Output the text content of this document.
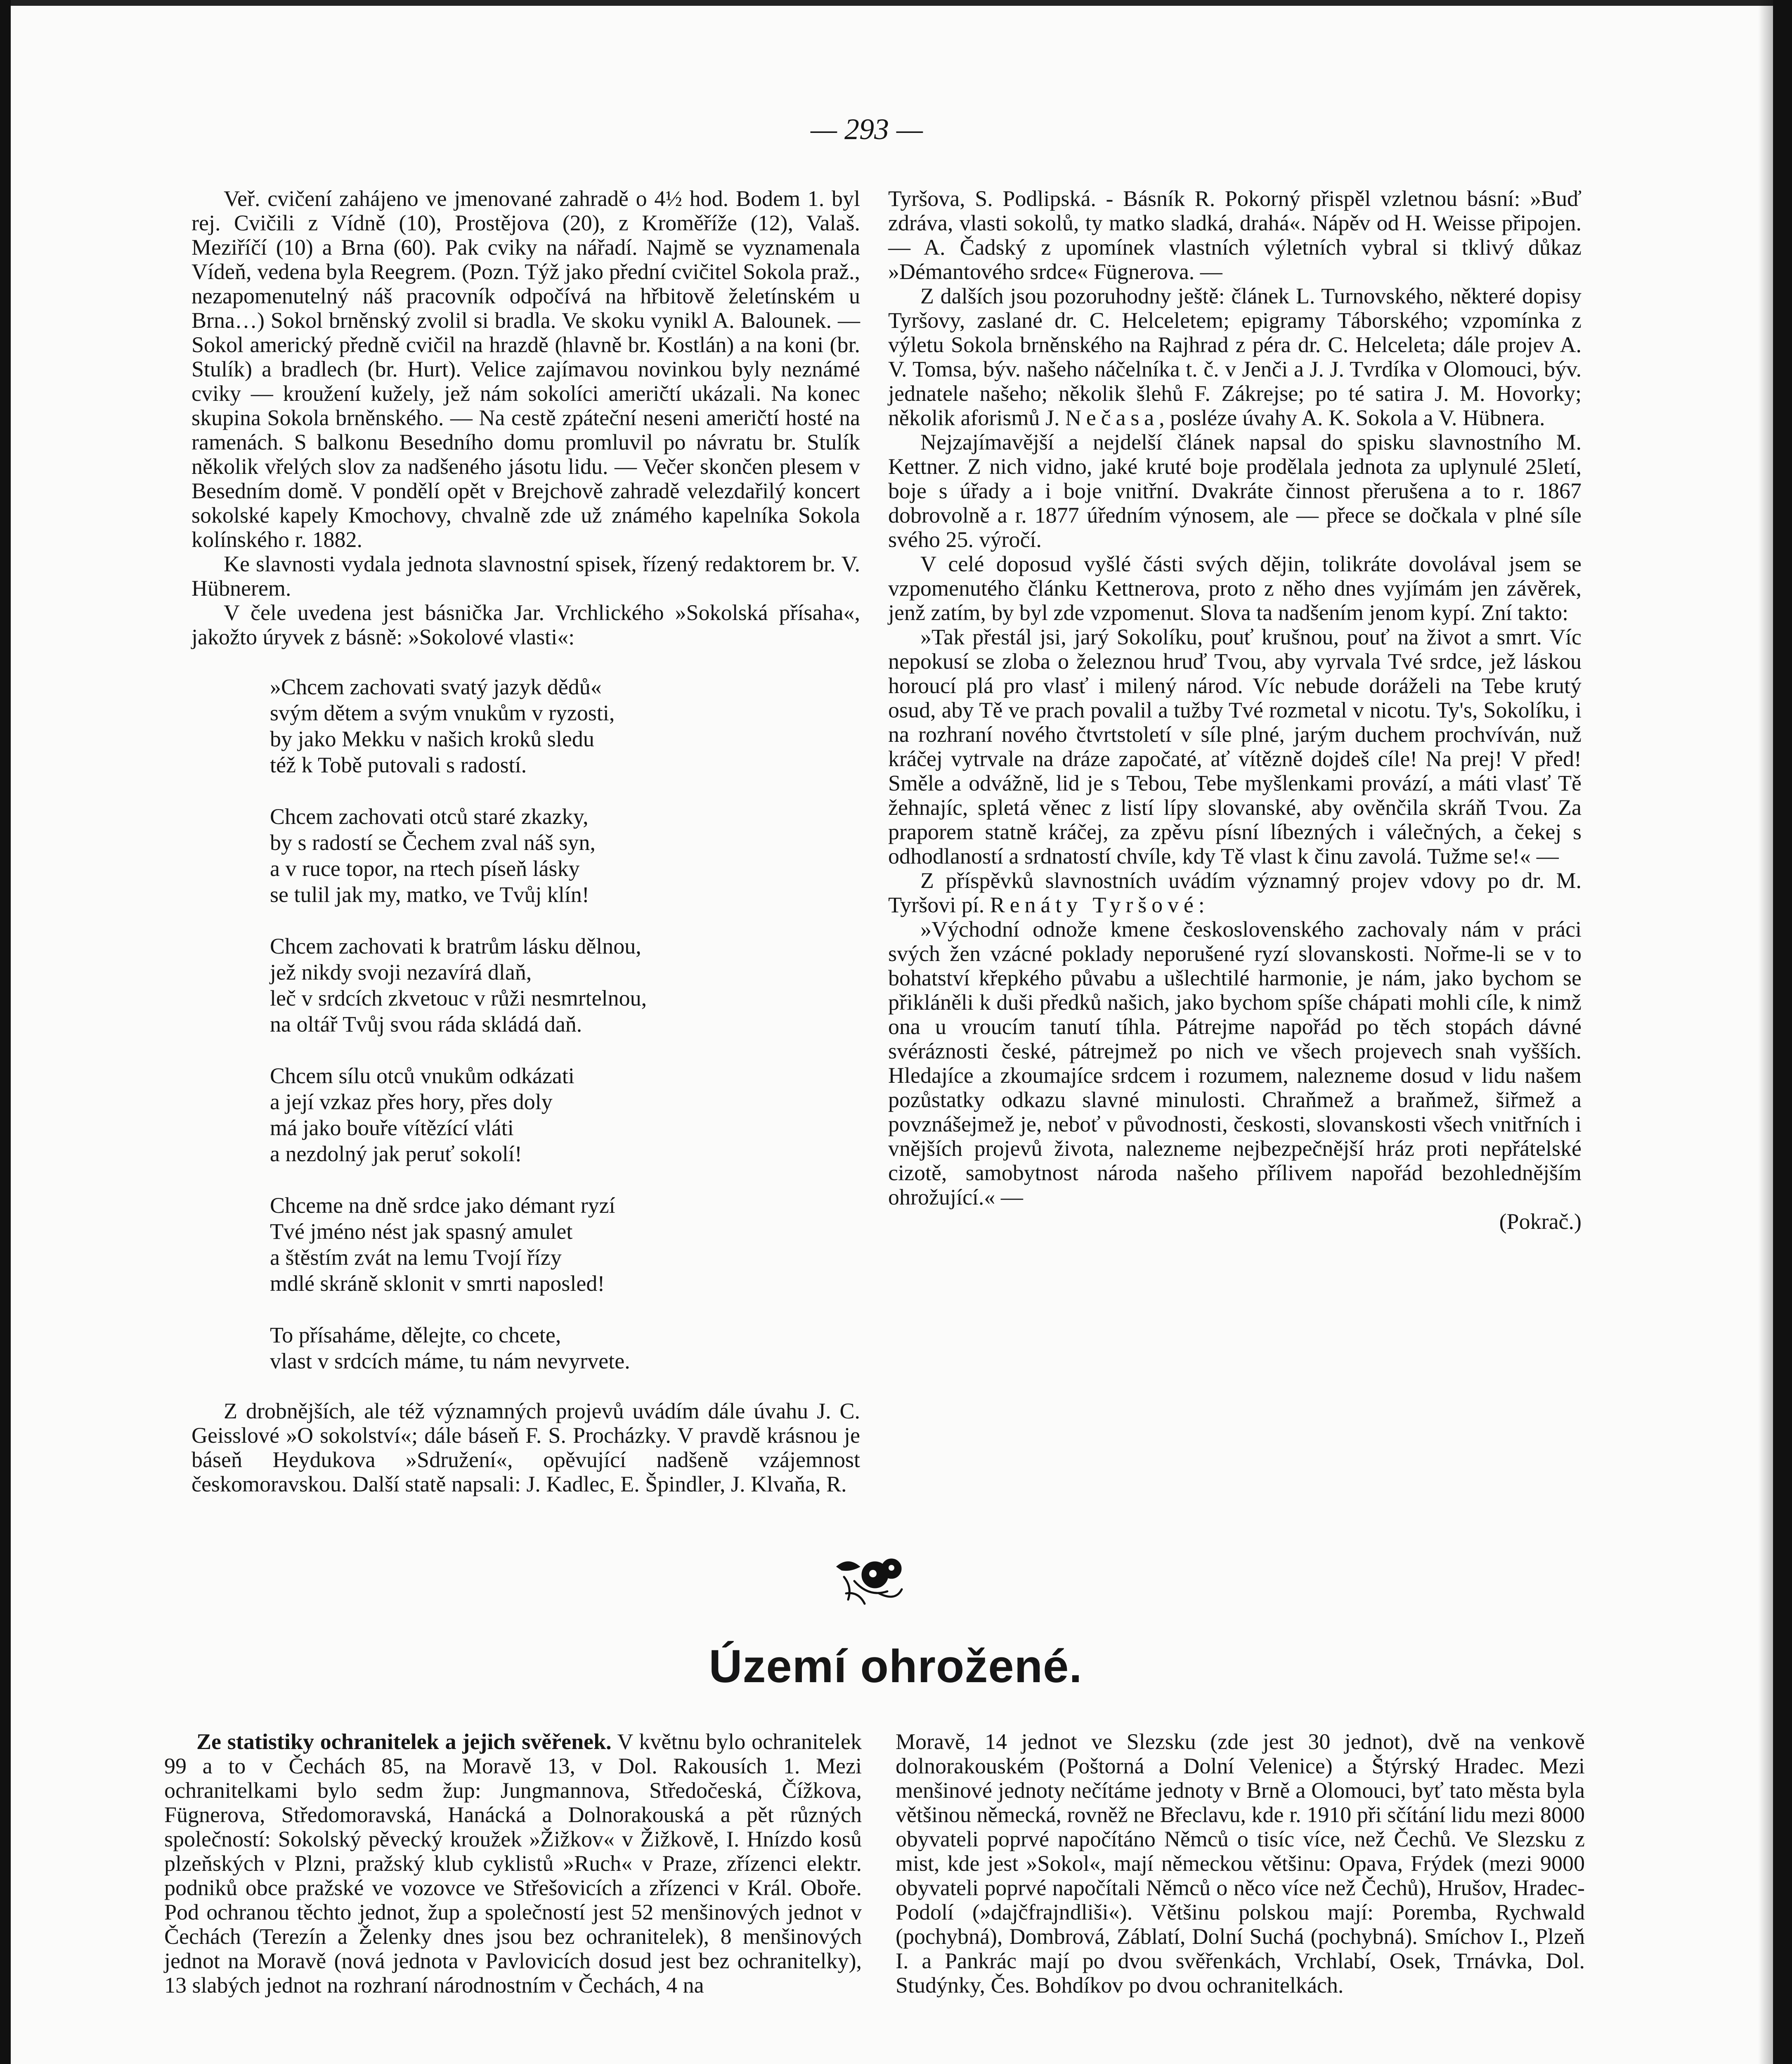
— 293 —

Veř. cvičení zahájeno ve jmenované zahradě o 4½ hod. Bodem 1. byl rej. Cvičili z Vídně (10), Prostějova (20), z Kroměříže (12), Valaš. Meziříčí (10) a Brna (60). Pak cviky na nářadí. Najmě se vyznamenala Vídeň, vedena byla Reegrem. (Pozn. Týž jako přední cvičitel Sokola praž., nezapomenutelný náš pracovník odpočívá na hřbitově želetínském u Brna…) Sokol brněnský zvolil si bradla. Ve skoku vynikl A. Balounek. — Sokol americký předně cvičil na hrazdě (hlavně br. Kostlán) a na koni (br. Stulík) a bradlech (br. Hurt). Velice zajímavou novinkou byly neznámé cviky — kroužení kužely, jež nám sokolíci američtí ukázali. Na konec skupina Sokola brněnského. — Na cestě zpáteční neseni američtí hosté na ramenách. S balkonu Besedního domu promluvil po návratu br. Stulík několik vřelých slov za nadšeného jásotu lidu. — Večer skončen plesem v Besedním domě. V pondělí opět v Brejchově zahradě velezdařilý koncert sokolské kapely Kmochovy, chvalně zde už známého kapelníka Sokola kolínského r. 1882.

Ke slavnosti vydala jednota slavnostní spisek, řízený redaktorem br. V. Hübnerem.

V čele uvedena jest básnička Jar. Vrchlického »Sokolská přísaha«, jakožto úryvek z básně: »Sokolové vlasti«:

»Chcem zachovati svatý jazyk dědů«
svým dětem a svým vnukům v ryzosti,
by jako Mekku v našich kroků sledu
též k Tobě putovali s radostí.
Chcem zachovati otců staré zkazky,
by s radostí se Čechem zval náš syn,
a v ruce topor, na rtech píseň lásky
se tulil jak my, matko, ve Tvůj klín!
Chcem zachovati k bratrům lásku dělnou,
jež nikdy svoji nezavírá dlaň,
leč v srdcích zkvetouc v růži nesmrtelnou,
na oltář Tvůj svou ráda skládá daň.
Chcem sílu otců vnukům odkázati
a její vzkaz přes hory, přes doly
má jako bouře vítězící vláti
a nezdolný jak peruť sokolí!
Chceme na dně srdce jako démant ryzí
Tvé jméno nést jak spasný amulet
a štěstím zvát na lemu Tvojí řízy
mdlé skráně sklonit v smrti naposled!
To přísaháme, dělejte, co chcete,
vlast v srdcích máme, tu nám nevyrvete.

Z drobnějších, ale též významných projevů uvádím dále úvahu J. C. Geisslové »O sokolství«; dále báseň F. S. Procházky. V pravdě krásnou je báseň Heydukova »Sdružení«, opěvující nadšeně vzájemnost českomoravskou. Další statě napsali: J. Kadlec, E. Špindler, J. Klvaňa, R.

Tyršova, S. Podlipská. - Básník R. Pokorný přispěl vzletnou básní: »Buď zdráva, vlasti sokolů, ty matko sladká, drahá«. Nápěv od H. Weisse připojen. — A. Čadský z upomínek vlastních výletních vybral si tklivý důkaz »Démantového srdce« Fügnerova. —

Z dalších jsou pozoruhodny ještě: článek L. Turnovského, některé dopisy Tyršovy, zaslané dr. C. Helceletem; epigramy Táborského; vzpomínka z výletu Sokola brněnského na Rajhrad z péra dr. C. Helceleta; dále projev A. V. Tomsa, býv. našeho náčelníka t. č. v Jenči a J. J. Tvrdíka v Olomouci, býv. jednatele našeho; několik šlehů F. Zákrejse; po té satira J. M. Hovorky; několik aforismů J. Nečasa, posléze úvahy A. K. Sokola a V. Hübnera.

Nejzajímavější a nejdelší článek napsal do spisku slavnostního M. Kettner. Z nich vidno, jaké kruté boje prodělala jednota za uplynulé 25letí, boje s úřady a i boje vnitřní. Dvakráte činnost přerušena a to r. 1867 dobrovolně a r. 1877 úředním výnosem, ale — přece se dočkala v plné síle svého 25. výročí.

V celé doposud vyšlé části svých dějin, tolikráte dovolával jsem se vzpomenutého článku Kettnerova, proto z něho dnes vyjímám jen závěrek, jenž zatím, by byl zde vzpomenut. Slova ta nadšením jenom kypí. Zní takto:

»Tak přestál jsi, jarý Sokolíku, pouť krušnou, pouť na život a smrt. Víc nepokusí se zloba o železnou hruď Tvou, aby vyrvala Tvé srdce, jež láskou horoucí plá pro vlasť i milený národ. Víc nebude doráželi na Tebe krutý osud, aby Tě ve prach povalil a tužby Tvé rozmetal v nicotu. Ty's, Sokolíku, i na rozhraní nového čtvrtstoletí v síle plné, jarým duchem prochvíván, nuž kráčej vytrvale na dráze započaté, ať vítězně dojdeš cíle! Na prej! V před! Směle a odvážně, lid je s Tebou, Tebe myšlenkami provází, a máti vlasť Tě žehnajíc, spletá věnec z listí lípy slovanské, aby ověnčila skráň Tvou. Za praporem statně kráčej, za zpěvu písní líbezných i válečných, a čekej s odhodlaností a srdnatostí chvíle, kdy Tě vlast k činu zavolá. Tužme se!« —

Z příspěvků slavnostních uvádím významný projev vdovy po dr. M. Tyršovi pí. Renáty Tyršové:

»Východní odnože kmene československého zachovaly nám v práci svých žen vzácné poklady neporušené ryzí slovanskosti. Nořme-li se v to bohatství křepkého půvabu a ušlechtilé harmonie, je nám, jako bychom se přikláněli k duši předků našich, jako bychom spíše chápati mohli cíle, k nimž ona u vroucím tanutí tíhla. Pátrejme napořád po těch stopách dávné svéráznosti české, pátrejmež po nich ve všech projevech snah vyšších. Hledajíce a zkoumajíce srdcem i rozumem, nalezneme dosud v lidu našem pozůstatky odkazu slavné minulosti. Chraňmež a braňmež, šiřmež a povznášejmež je, neboť v původnosti, českosti, slovanskosti všech vnitřních i vnějších projevů života, nalezneme nejbezpečnější hráz proti nepřátelské cizotě, samobytnost národa našeho přílivem napořád bezohlednějším ohrožující.« —

(Pokrač.)

Území ohrožené.

Ze statistiky ochranitelek a jejich svěřenek. V květnu bylo ochranitelek 99 a to v Čechách 85, na Moravě 13, v Dol. Rakousích 1. Mezi ochranitelkami bylo sedm žup: Jungmannova, Středočeská, Čížkova, Fügnerova, Středomoravská, Hanácká a Dolnorakouská a pět různých společností: Sokolský pěvecký kroužek »Žižkov« v Žižkově, I. Hnízdo kosů plzeňských v Plzni, pražský klub cyklistů »Ruch« v Praze, zřízenci elektr. podniků obce pražské ve vozovce ve Střešovicích a zřízenci v Král. Oboře. Pod ochranou těchto jednot, žup a společností jest 52 menšinových jednot v Čechách (Terezín a Želenky dnes jsou bez ochranitelek), 8 menšinových jednot na Moravě (nová jednota v Pavlovicích dosud jest bez ochranitelky), 13 slabých jednot na rozhraní národnostním v Čechách, 4 na

Moravě, 14 jednot ve Slezsku (zde jest 30 jednot), dvě na venkově dolnorakouském (Poštorná a Dolní Velenice) a Štýrský Hradec. Mezi menšinové jednoty nečítáme jednoty v Brně a Olomouci, byť tato města byla většinou německá, rovněž ne Břeclavu, kde r. 1910 při sčítání lidu mezi 8000 obyvateli poprvé napočítáno Němců o tisíc více, než Čechů. Ve Slezsku z mist, kde jest »Sokol«, mají německou většinu: Opava, Frýdek (mezi 9000 obyvateli poprvé napočítali Němců o něco více než Čechů), Hrušov, Hradec-Podolí (»dajčfrajndliši«). Většinu polskou mají: Poremba, Rychwald (pochybná), Dombrová, Záblatí, Dolní Suchá (pochybná). Smíchov I., Plzeň I. a Pankrác mají po dvou svěřenkách, Vrchlabí, Osek, Trnávka, Dol. Studýnky, Čes. Bohdíkov po dvou ochranitelkách.
